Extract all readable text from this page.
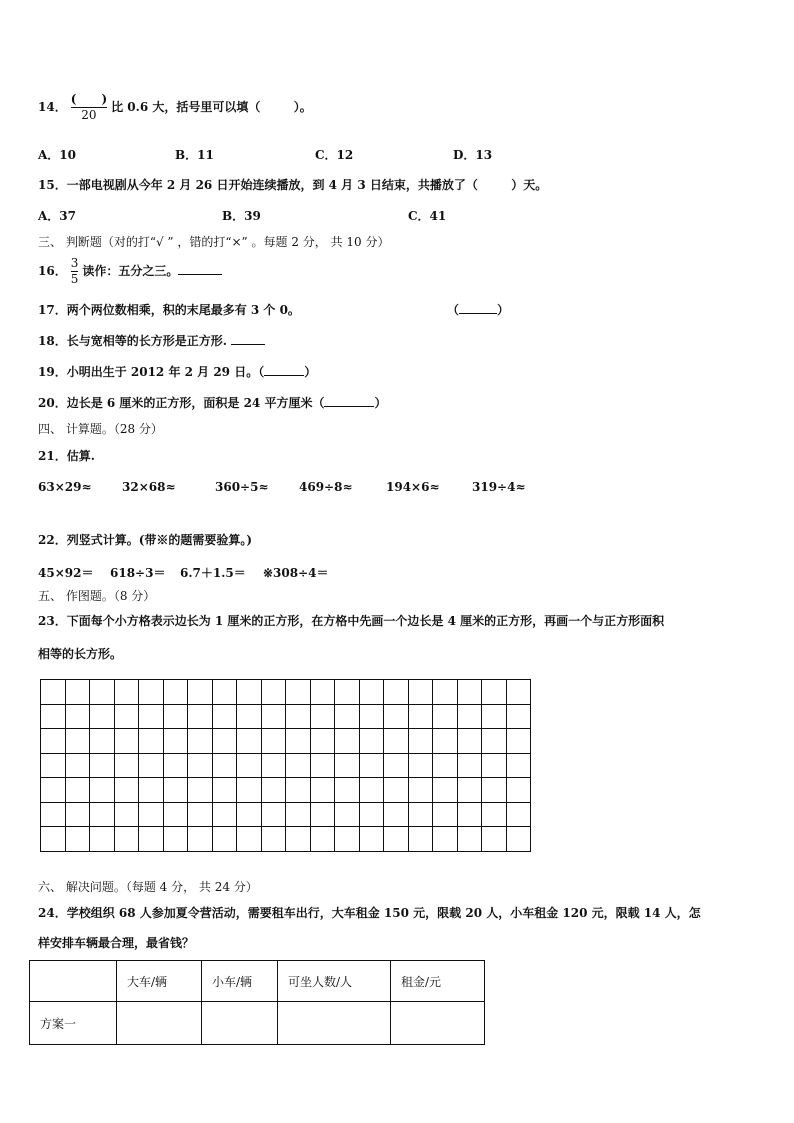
14． $\frac{( )}{20}$ 比 0.6 大，括号里可以填（        ）。
A．10	B．11	C．12	D．13
15．一部电视剧从今年 2 月 26 日开始连续播放，到 4 月 3 日结束，共播放了（        ）天。
A．37	B．39	C．41
三、 判断题（对的打“√ ” ，错的打“×” 。每题 2 分， 共 10 分）
16． $\frac{3}{5}$ 读作：五分之三。
17．两个两位数相乘，积的末尾最多有 3 个 0。	（	）
18．长与宽相等的长方形是正方形.
19．小明出生于 2012 年 2 月 29 日。（	）
20．边长是 6 厘米的正方形，面积是 24 平方厘米（	）
四、 计算题。（28 分）
21．估算.
63×29≈	32×68≈	360÷5≈	469÷8≈	194×6≈	319÷4≈
22．列竖式计算。(带※的题需要验算。)
45×92＝ 618÷3＝ 6.7＋1.5＝ ※308÷4＝
五、 作图题。（8 分）
23．下面每个小方格表示边长为 1 厘米的正方形，在方格中先画一个边长是 4 厘米的正方形，再画一个与正方形面积
相等的长方形。

六、 解决问题。（每题 4 分， 共 24 分）
24．学校组织 68 人参加夏令营活动，需要租车出行，大车租金 150 元，限载 20 人，小车租金 120 元，限载 14 人，怎
样安排车辆最合理，最省钱？
	大车/辆	小车/辆	可坐人数/人	租金/元
方案一				
